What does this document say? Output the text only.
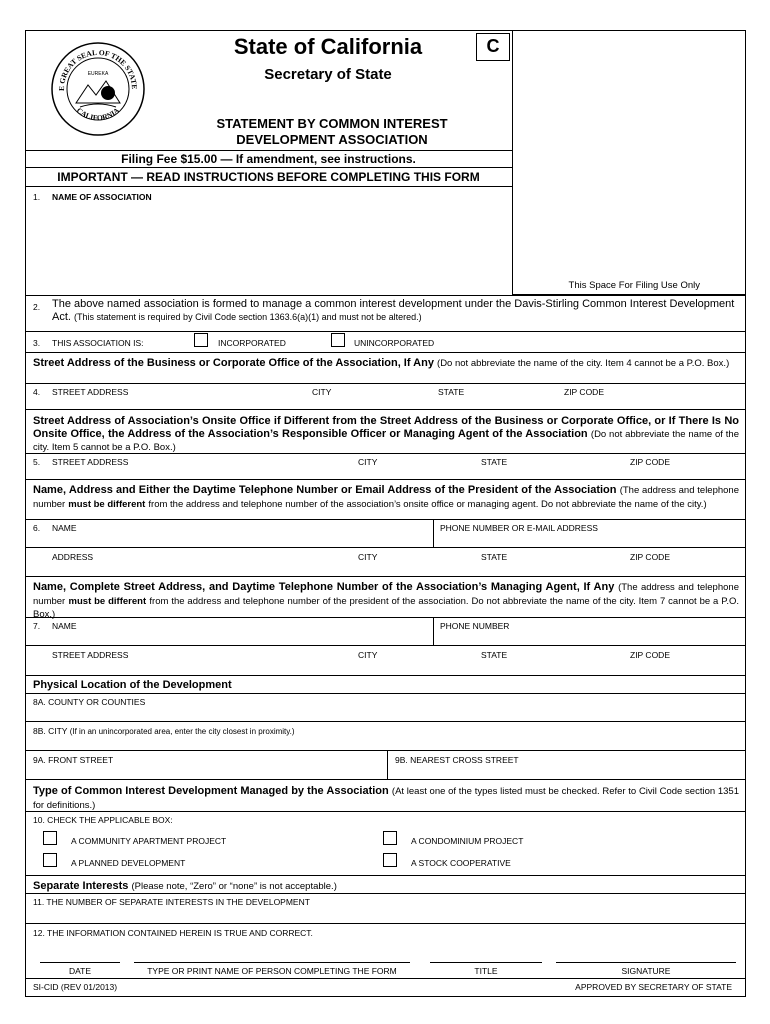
C
E GREAT SEAL OF THE STATE
CALIFORNIA
EUREKA
State of California
Secretary of State
STATEMENT BY COMMON INTEREST
DEVELOPMENT ASSOCIATION
Filing Fee $15.00 — If amendment, see instructions.
IMPORTANT — READ INSTRUCTIONS BEFORE COMPLETING THIS FORM
1. NAME OF ASSOCIATION
This Space For Filing Use Only
2. The above named association is formed to manage a common interest development under the Davis-Stirling Common Interest Development Act. (This statement is required by Civil Code section 1363.6(a)(1) and must not be altered.)
3. THIS ASSOCIATION IS:	INCORPORATED	UNINCORPORATED
Street Address of the Business or Corporate Office of the Association, If Any (Do not abbreviate the name of the city. Item 4 cannot be a P.O. Box.)
4. STREET ADDRESS	CITY	STATE	ZIP CODE
Street Address of Association’s Onsite Office if Different from the Street Address of the Business or Corporate Office, or If There Is No Onsite Office, the Address of the Association’s Responsible Officer or Managing Agent of the Association (Do not abbreviate the name of the city. Item 5 cannot be a P.O. Box.)
5. STREET ADDRESS	CITY	STATE	ZIP CODE
Name, Address and Either the Daytime Telephone Number or Email Address of the President of the Association (The address and telephone number must be different from the address and telephone number of the association’s onsite office or managing agent. Do not abbreviate the name of the city.)
6. NAME	PHONE NUMBER OR E-MAIL ADDRESS
ADDRESS	CITY	STATE	ZIP CODE
Name, Complete Street Address, and Daytime Telephone Number of the Association’s Managing Agent, If Any (The address and telephone number must be different from the address and telephone number of the president of the association. Do not abbreviate the name of the city. Item 7 cannot be a P.O. Box.)
7. NAME	PHONE NUMBER
STREET ADDRESS	CITY	STATE	ZIP CODE
Physical Location of the Development
8A. COUNTY OR COUNTIES
8B. CITY (If in an unincorporated area, enter the city closest in proximity.)
9A. FRONT STREET	9B. NEAREST CROSS STREET
Type of Common Interest Development Managed by the Association (At least one of the types listed must be checked. Refer to Civil Code section 1351 for definitions.)
10. CHECK THE APPLICABLE BOX:
A COMMUNITY APARTMENT PROJECT	A CONDOMINIUM PROJECT
A PLANNED DEVELOPMENT	A STOCK COOPERATIVE
Separate Interests (Please note, “Zero” or “none” is not acceptable.)
11. THE NUMBER OF SEPARATE INTERESTS IN THE DEVELOPMENT
12. THE INFORMATION CONTAINED HEREIN IS TRUE AND CORRECT.
DATE	TYPE OR PRINT NAME OF PERSON COMPLETING THE FORM	TITLE	SIGNATURE
SI-CID (REV 01/2013)	APPROVED BY SECRETARY OF STATE
